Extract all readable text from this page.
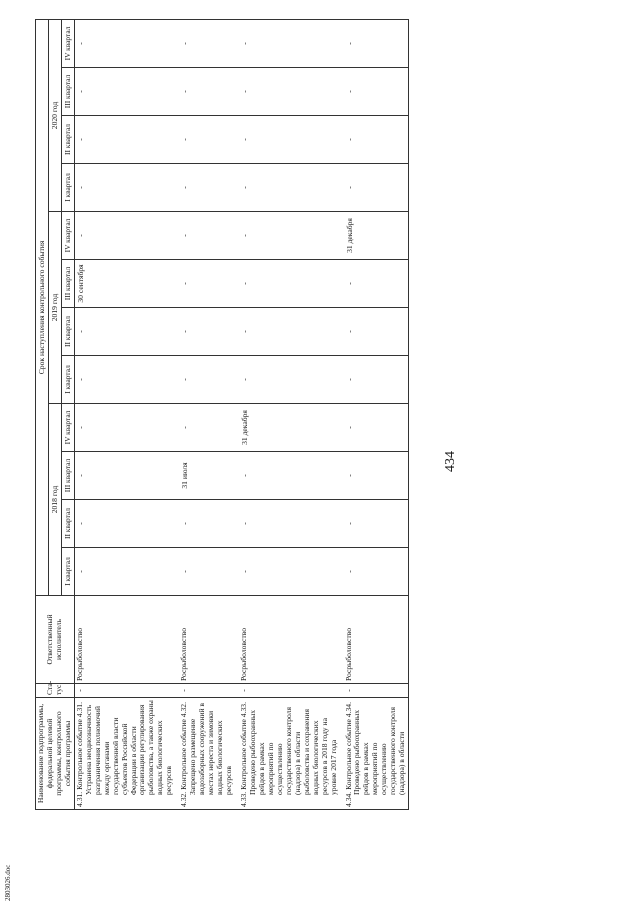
434
2803026.doc
Наименование подпрограммы, федеральной целевой программы, контрольного события программы	Ста-тус	Ответственный исполнитель	Срок наступления контрольного события											
			2018 год				2019 год				2020 год			
			I квартал	II квартал	III квартал	IV квартал	I квартал	II квартал	III квартал	IV квартал	I квартал	II квартал	III квартал	IV квартал
4.31. Контрольное событие 4.31. Устранена неоднозначность разграничения полномочий между органами государственной власти субъектов Российской Федерации в области организации регулирования рыболовства, а также охраны водных биологических ресурсов	-	Росрыболовство	-	-	-	-	-	-	30 сентября	-	-	-	-	-
4.32. Контрольное событие 4.32. Запрещено размещение водозаборных сооружений в местах нереста и зимовки водных биологических ресурсов	-	Росрыболовство	-	-	31 июля	-	-	-	-	-	-	-	-	-
4.33. Контрольное событие 4.33. Проведено рыбоохранных рейдов в рамках мероприятий по осуществлению государственного контроля (надзора) в области рыболовства и сохранения водных биологических ресурсов в 2018 году на уровне 2017 года	-	Росрыболовство	-	-	-	31 декабря	-	-	-	-	-	-	-	-
4.34. Контрольное событие 4.34. Проведено рыбоохранных рейдов в рамках мероприятий по осуществлению государственного контроля (надзора) в области	-	Росрыболовство	-	-	-	-	-	-	-	31 декабря	-	-	-	-
